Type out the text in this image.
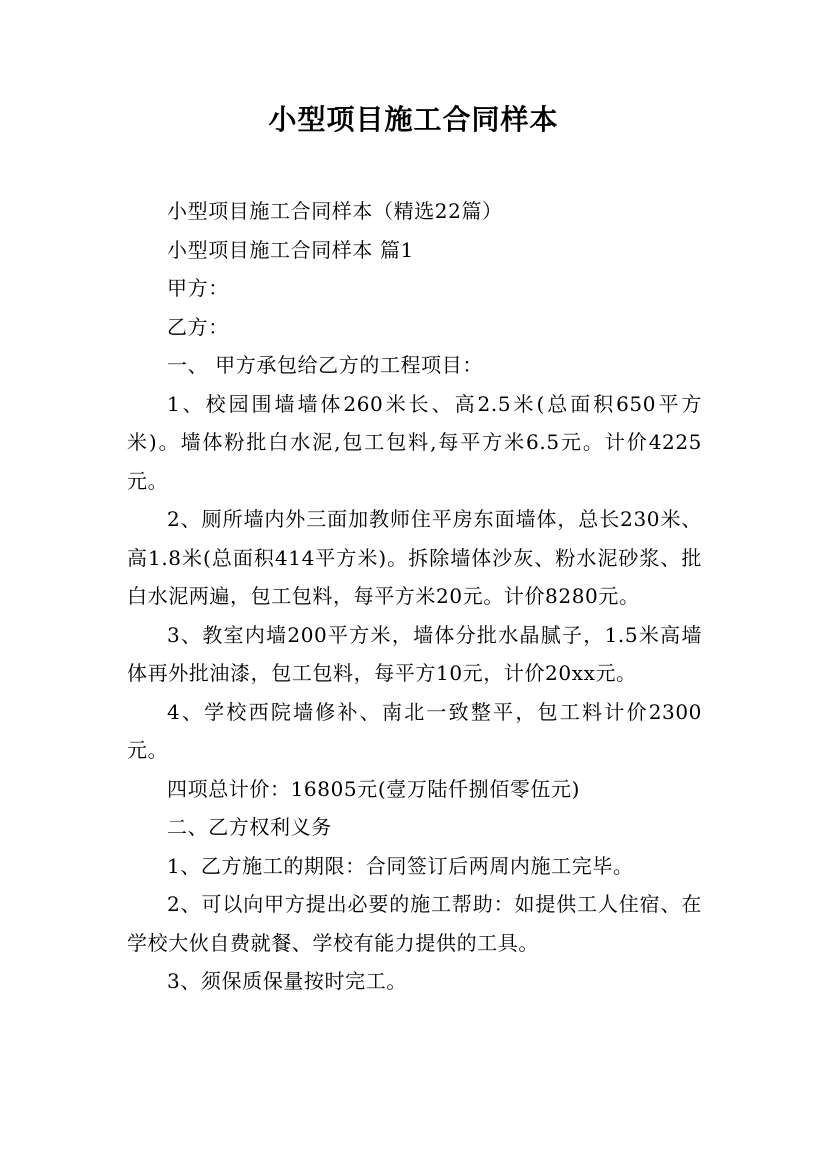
小型项目施工合同样本

小型项目施工合同样本（精选22篇）

小型项目施工合同样本 篇1

甲方：

乙方：

一、 甲方承包给乙方的工程项目：

1、校园围墙墙体260米长、高2.5米(总面积650平方米)。墙体粉批白水泥,包工包料,每平方米6.5元。计价4225元。

2、厕所墙内外三面加教师住平房东面墙体，总长230米、高1.8米(总面积414平方米)。拆除墙体沙灰、粉水泥砂浆、批白水泥两遍，包工包料，每平方米20元。计价8280元。

3、教室内墙200平方米，墙体分批水晶腻子，1.5米高墙体再外批油漆，包工包料，每平方10元，计价20xx元。

4、学校西院墙修补、南北一致整平，包工料计价2300元。

四项总计价：16805元(壹万陆仟捌佰零伍元)

二、乙方权利义务

1、乙方施工的期限：合同签订后两周内施工完毕。

2、可以向甲方提出必要的施工帮助：如提供工人住宿、在学校大伙自费就餐、学校有能力提供的工具。

3、须保质保量按时完工。
